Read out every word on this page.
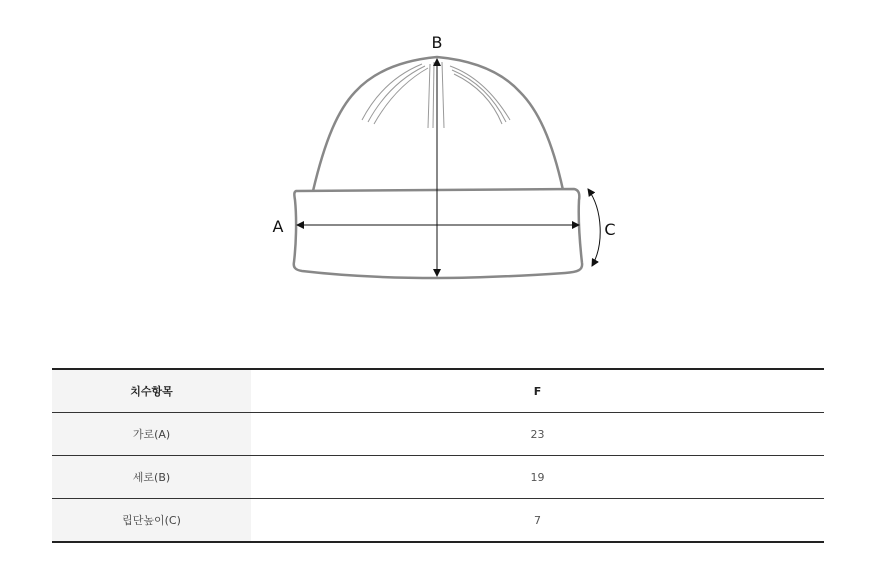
B
A	C
치수항목	F
가로(A)	23
세로(B)	19
립단높이(C)	7
